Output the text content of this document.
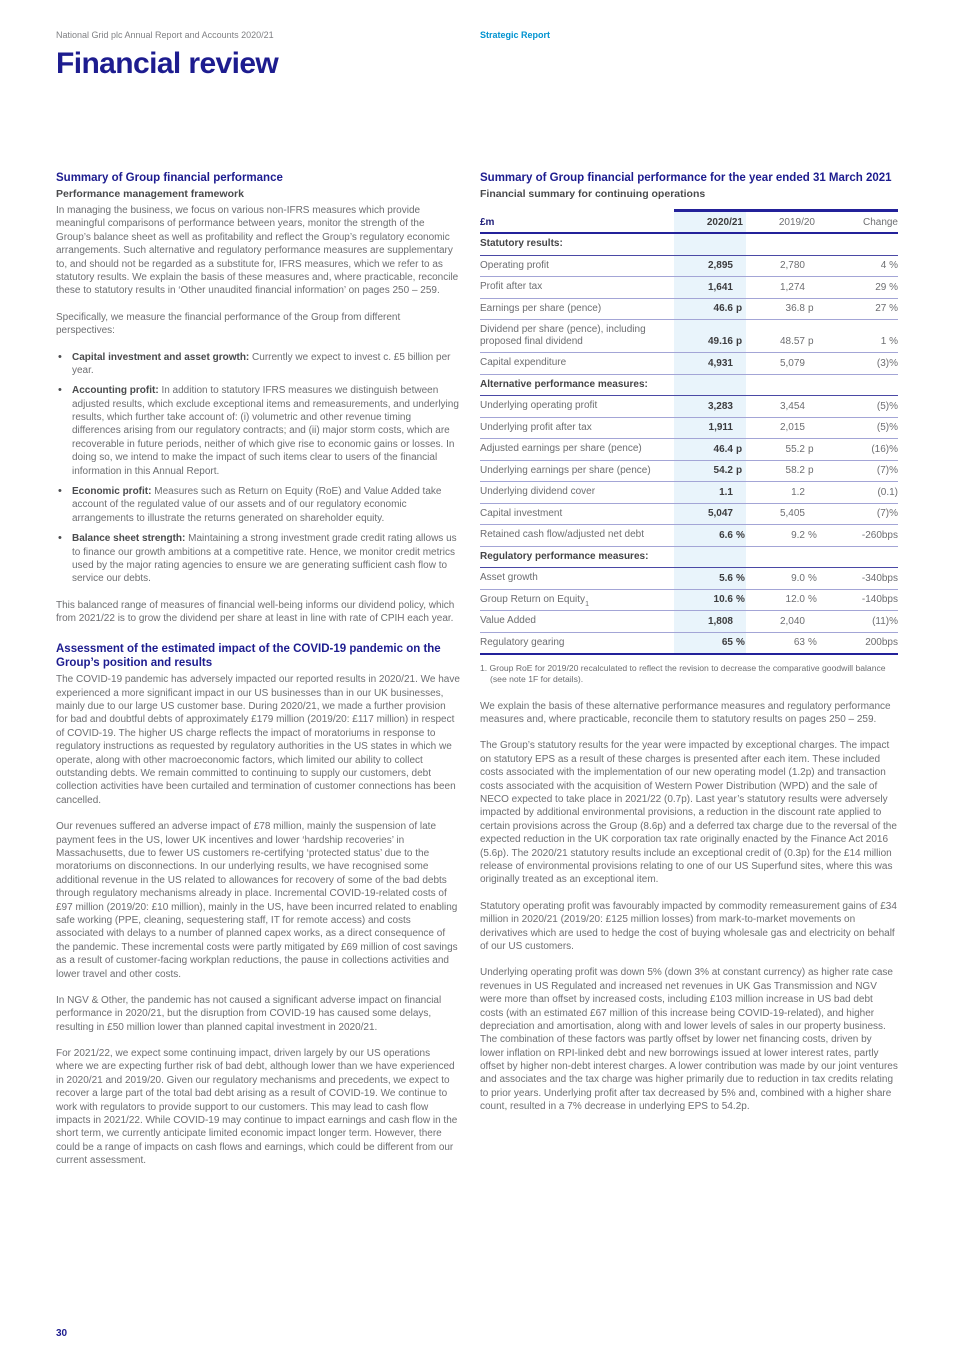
National Grid plc Annual Report and Accounts 2020/21	Strategic Report
Financial review
Summary of Group financial performance
Performance management framework

In managing the business, we focus on various non-IFRS measures which provide meaningful comparisons of performance between years, monitor the strength of the Group’s balance sheet as well as profitability and reflect the Group’s regulatory economic arrangements. Such alternative and regulatory performance measures are supplementary to, and should not be regarded as a substitute for, IFRS measures, which we refer to as statutory results. We explain the basis of these measures and, where practicable, reconcile these to statutory results in ‘Other unaudited financial information’ on pages 250 – 259.

Specifically, we measure the financial performance of the Group from different perspectives:

• Capital investment and asset growth: Currently we expect to invest c. £5 billion per year.
• Accounting profit: In addition to statutory IFRS measures we distinguish between adjusted results, which exclude exceptional items and remeasurements, and underlying results, which further take account of: (i) volumetric and other revenue timing differences arising from our regulatory contracts; and (ii) major storm costs, which are recoverable in future periods, neither of which give rise to economic gains or losses. In doing so, we intend to make the impact of such items clear to users of the financial information in this Annual Report.
• Economic profit: Measures such as Return on Equity (RoE) and Value Added take account of the regulated value of our assets and of our regulatory economic arrangements to illustrate the returns generated on shareholder equity.
• Balance sheet strength: Maintaining a strong investment grade credit rating allows us to finance our growth ambitions at a competitive rate. Hence, we monitor credit metrics used by the major rating agencies to ensure we are generating sufficient cash flow to service our debts.

This balanced range of measures of financial well-being informs our dividend policy, which from 2021/22 is to grow the dividend per share at least in line with rate of CPIH each year.

Assessment of the estimated impact of the COVID-19 pandemic on the Group’s position and results

The COVID-19 pandemic has adversely impacted our reported results in 2020/21. We have experienced a more significant impact in our US businesses than in our UK businesses, mainly due to our large US customer base. During 2020/21, we made a further provision for bad and doubtful debts of approximately £179 million (2019/20: £117 million) in respect of COVID-19. The higher US charge reflects the impact of moratoriums in response to regulatory instructions as requested by regulatory authorities in the US states in which we operate, along with other macroeconomic factors, which limited our ability to collect outstanding debts. We remain committed to continuing to supply our customers, debt collection activities have been curtailed and termination of customer connections has been cancelled.

Our revenues suffered an adverse impact of £78 million, mainly the suspension of late payment fees in the US, lower UK incentives and lower ‘hardship recoveries’ in Massachusetts, due to fewer US customers re-certifying ‘protected status’ due to the moratoriums on disconnections. In our underlying results, we have recognised some additional revenue in the US related to allowances for recovery of some of the bad debts through regulatory mechanisms already in place. Incremental COVID-19-related costs of £97 million (2019/20: £10 million), mainly in the US, have been incurred related to enabling safe working (PPE, cleaning, sequestering staff, IT for remote access) and costs associated with delays to a number of planned capex works, as a direct consequence of the pandemic. These incremental costs were partly mitigated by £69 million of cost savings as a result of customer-facing workplan reductions, the pause in collections activities and lower travel and other costs.

In NGV & Other, the pandemic has not caused a significant adverse impact on financial performance in 2020/21, but the disruption from COVID-19 has caused some delays, resulting in £50 million lower than planned capital investment in 2020/21.

For 2021/22, we expect some continuing impact, driven largely by our US operations where we are expecting further risk of bad debt, although lower than we have experienced in 2020/21 and 2019/20. Given our regulatory mechanisms and precedents, we expect to recover a large part of the total bad debt arising as a result of COVID-19. We continue to work with regulators to provide support to our customers. This may lead to cash flow impacts in 2021/22. While COVID-19 may continue to impact earnings and cash flow in the short term, we currently anticipate limited economic impact longer term. However, there could be a range of impacts on cash flows and earnings, which could be different from our current assessment.

Summary of Group financial performance for the year ended 31 March 2021
Financial summary for continuing operations
£m	2020/21	2019/20	Change
Statutory results:
Operating profit	2,895	2,780	4 %
Profit after tax	1,641	1,274	29 %
Earnings per share (pence)	46.6 p	36.8 p	27 %
Dividend per share (pence), including proposed final dividend	49.16 p	48.57 p	1 %
Capital expenditure	4,931	5,079	(3)%
Alternative performance measures:
Underlying operating profit	3,283	3,454	(5)%
Underlying profit after tax	1,911	2,015	(5)%
Adjusted earnings per share (pence)	46.4 p	55.2 p	(16)%
Underlying earnings per share (pence)	54.2 p	58.2 p	(7)%
Underlying dividend cover	1.1	1.2	(0.1)
Capital investment	5,047	5,405	(7)%
Retained cash flow/adjusted net debt	6.6 %	9.2 %	-260bps
Regulatory performance measures:
Asset growth	5.6 %	9.0 %	-340bps
Group Return on Equity 1	10.6 %	12.0 %	-140bps
Value Added	1,808	2,040	(11)%
Regulatory gearing	65 %	63 %	200bps

1. Group RoE for 2019/20 recalculated to reflect the revision to decrease the comparative goodwill balance (see note 1F for details).

We explain the basis of these alternative performance measures and regulatory performance measures and, where practicable, reconcile them to statutory results on pages 250 – 259.

The Group’s statutory results for the year were impacted by exceptional charges. The impact on statutory EPS as a result of these charges is presented after each item. These included costs associated with the implementation of our new operating model (1.2p) and transaction costs associated with the acquisition of Western Power Distribution (WPD) and the sale of NECO expected to take place in 2021/22 (0.7p). Last year’s statutory results were adversely impacted by additional environmental provisions, a reduction in the discount rate applied to certain provisions across the Group (8.6p) and a deferred tax charge due to the reversal of the expected reduction in the UK corporation tax rate originally enacted by the Finance Act 2016 (5.6p). The 2020/21 statutory results include an exceptional credit of (0.3p) for the £14 million release of environmental provisions relating to one of our US Superfund sites, where this was originally treated as an exceptional item.

Statutory operating profit was favourably impacted by commodity remeasurement gains of £34 million in 2020/21 (2019/20: £125 million losses) from mark-to-market movements on derivatives which are used to hedge the cost of buying wholesale gas and electricity on behalf of our US customers.

Underlying operating profit was down 5% (down 3% at constant currency) as higher rate case revenues in US Regulated and increased net revenues in UK Gas Transmission and NGV were more than offset by increased costs, including £103 million increase in US bad debt costs (with an estimated £67 million of this increase being COVID-19-related), and higher depreciation and amortisation, along with and lower levels of sales in our property business. The combination of these factors was partly offset by lower net financing costs, driven by lower inflation on RPI-linked debt and new borrowings issued at lower interest rates, partly offset by higher non-debt interest charges. A lower contribution was made by our joint ventures and associates and the tax charge was higher primarily due to reduction in tax credits relating to prior years. Underlying profit after tax decreased by 5% and, combined with a higher share count, resulted in a 7% decrease in underlying EPS to 54.2p.

30
